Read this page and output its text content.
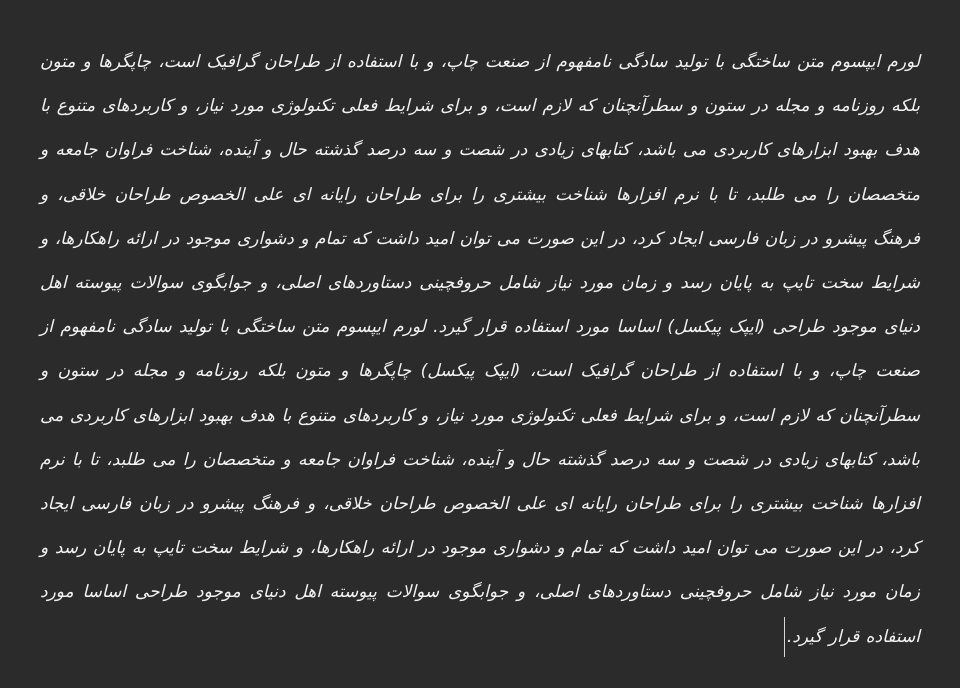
لورم ایپسوم متن ساختگی با تولید سادگی نامفهوم از صنعت چاپ، و با استفاده از طراحان گرافیک است، چاپگرها و متون بلکه روزنامه و مجله در ستون و سطرآنچنان که لازم است، و برای شرایط فعلی تکنولوژی مورد نیاز، و کاربردهای متنوع با هدف بهبود ابزارهای کاربردی می باشد، کتابهای زیادی در شصت و سه درصد گذشته حال و آینده، شناخت فراوان جامعه و متخصصان را می طلبد، تا با نرم افزارها شناخت بیشتری را برای طراحان رایانه ای علی الخصوص طراحان خلاقی، و فرهنگ پیشرو در زبان فارسی ایجاد کرد، در این صورت می توان امید داشت که تمام و دشواری موجود در ارائه راهکارها، و شرایط سخت تایپ به پایان رسد و زمان مورد نیاز شامل حروفچینی دستاوردهای اصلی، و جوابگوی سوالات پیوسته اهل دنیای موجود طراحی (ایپک پیکسل) اساسا مورد استفاده قرار گیرد. لورم ایپسوم متن ساختگی با تولید سادگی نامفهوم از صنعت چاپ، و با استفاده از طراحان گرافیک است، (ایپک پیکسل) چاپگرها و متون بلکه روزنامه و مجله در ستون و سطرآنچنان که لازم است، و برای شرایط فعلی تکنولوژی مورد نیاز، و کاربردهای متنوع با هدف بهبود ابزارهای کاربردی می باشد، کتابهای زیادی در شصت و سه درصد گذشته حال و آینده، شناخت فراوان جامعه و متخصصان را می طلبد، تا با نرم افزارها شناخت بیشتری را برای طراحان رایانه ای علی الخصوص طراحان خلاقی، و فرهنگ پیشرو در زبان فارسی ایجاد کرد، در این صورت می توان امید داشت که تمام و دشواری موجود در ارائه راهکارها، و شرایط سخت تایپ به پایان رسد و زمان مورد نیاز شامل حروفچینی دستاوردهای اصلی، و جوابگوی سوالات پیوسته اهل دنیای موجود طراحی اساسا مورد استفاده قرار گیرد.
